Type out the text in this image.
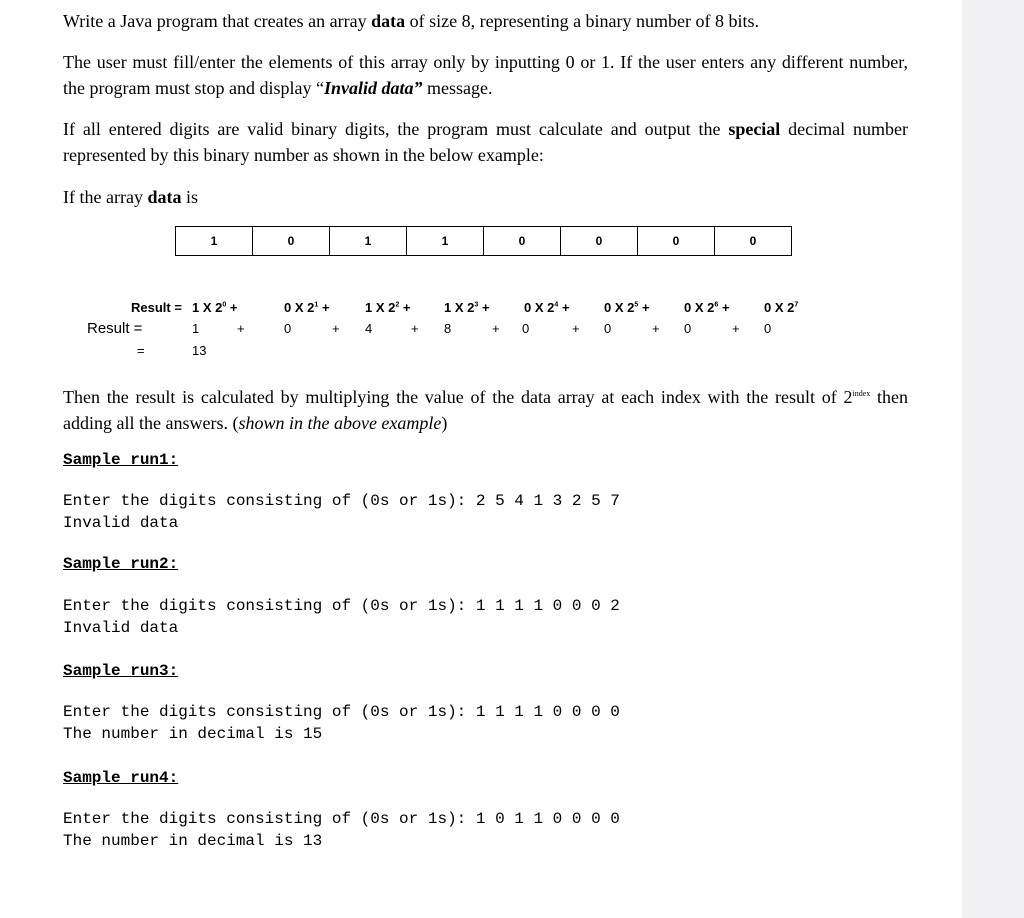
Write a Java program that creates an array data of size 8, representing a binary number of 8 bits.

The user must fill/enter the elements of this array only by inputting 0 or 1. If the user enters any different number, the program must stop and display “Invalid data” message.

If all entered digits are valid binary digits, the program must calculate and output the special decimal number represented by this binary number as shown in the below example:

If the array data is

1	0	1	1	0	0	0	0
Result = 1 X $2^0$ +	0 X $2^1$ +	1 X $2^2$ +	1 X $2^3$ +	0 X $2^4$ +	0 X $2^5$ +	0 X $2^6$ +	0 X $2^7$
Result =	1	+	0	+ 4	+ 8	+ 0	+ 0	+ 0	+ 0
=	13

Then the result is calculated by multiplying the value of the data array at each index with the result of $2^{index}$ then adding all the answers. (shown in the above example)

Sample run1:
Enter the digits consisting of (0s or 1s): 2 5 4 1 3 2 5 7
Invalid data
Sample run2:
Enter the digits consisting of (0s or 1s): 1 1 1 1 0 0 0 2
Invalid data
Sample run3:
Enter the digits consisting of (0s or 1s): 1 1 1 1 0 0 0 0
The number in decimal is 15
Sample run4:
Enter the digits consisting of (0s or 1s): 1 0 1 1 0 0 0 0
The number in decimal is 13
